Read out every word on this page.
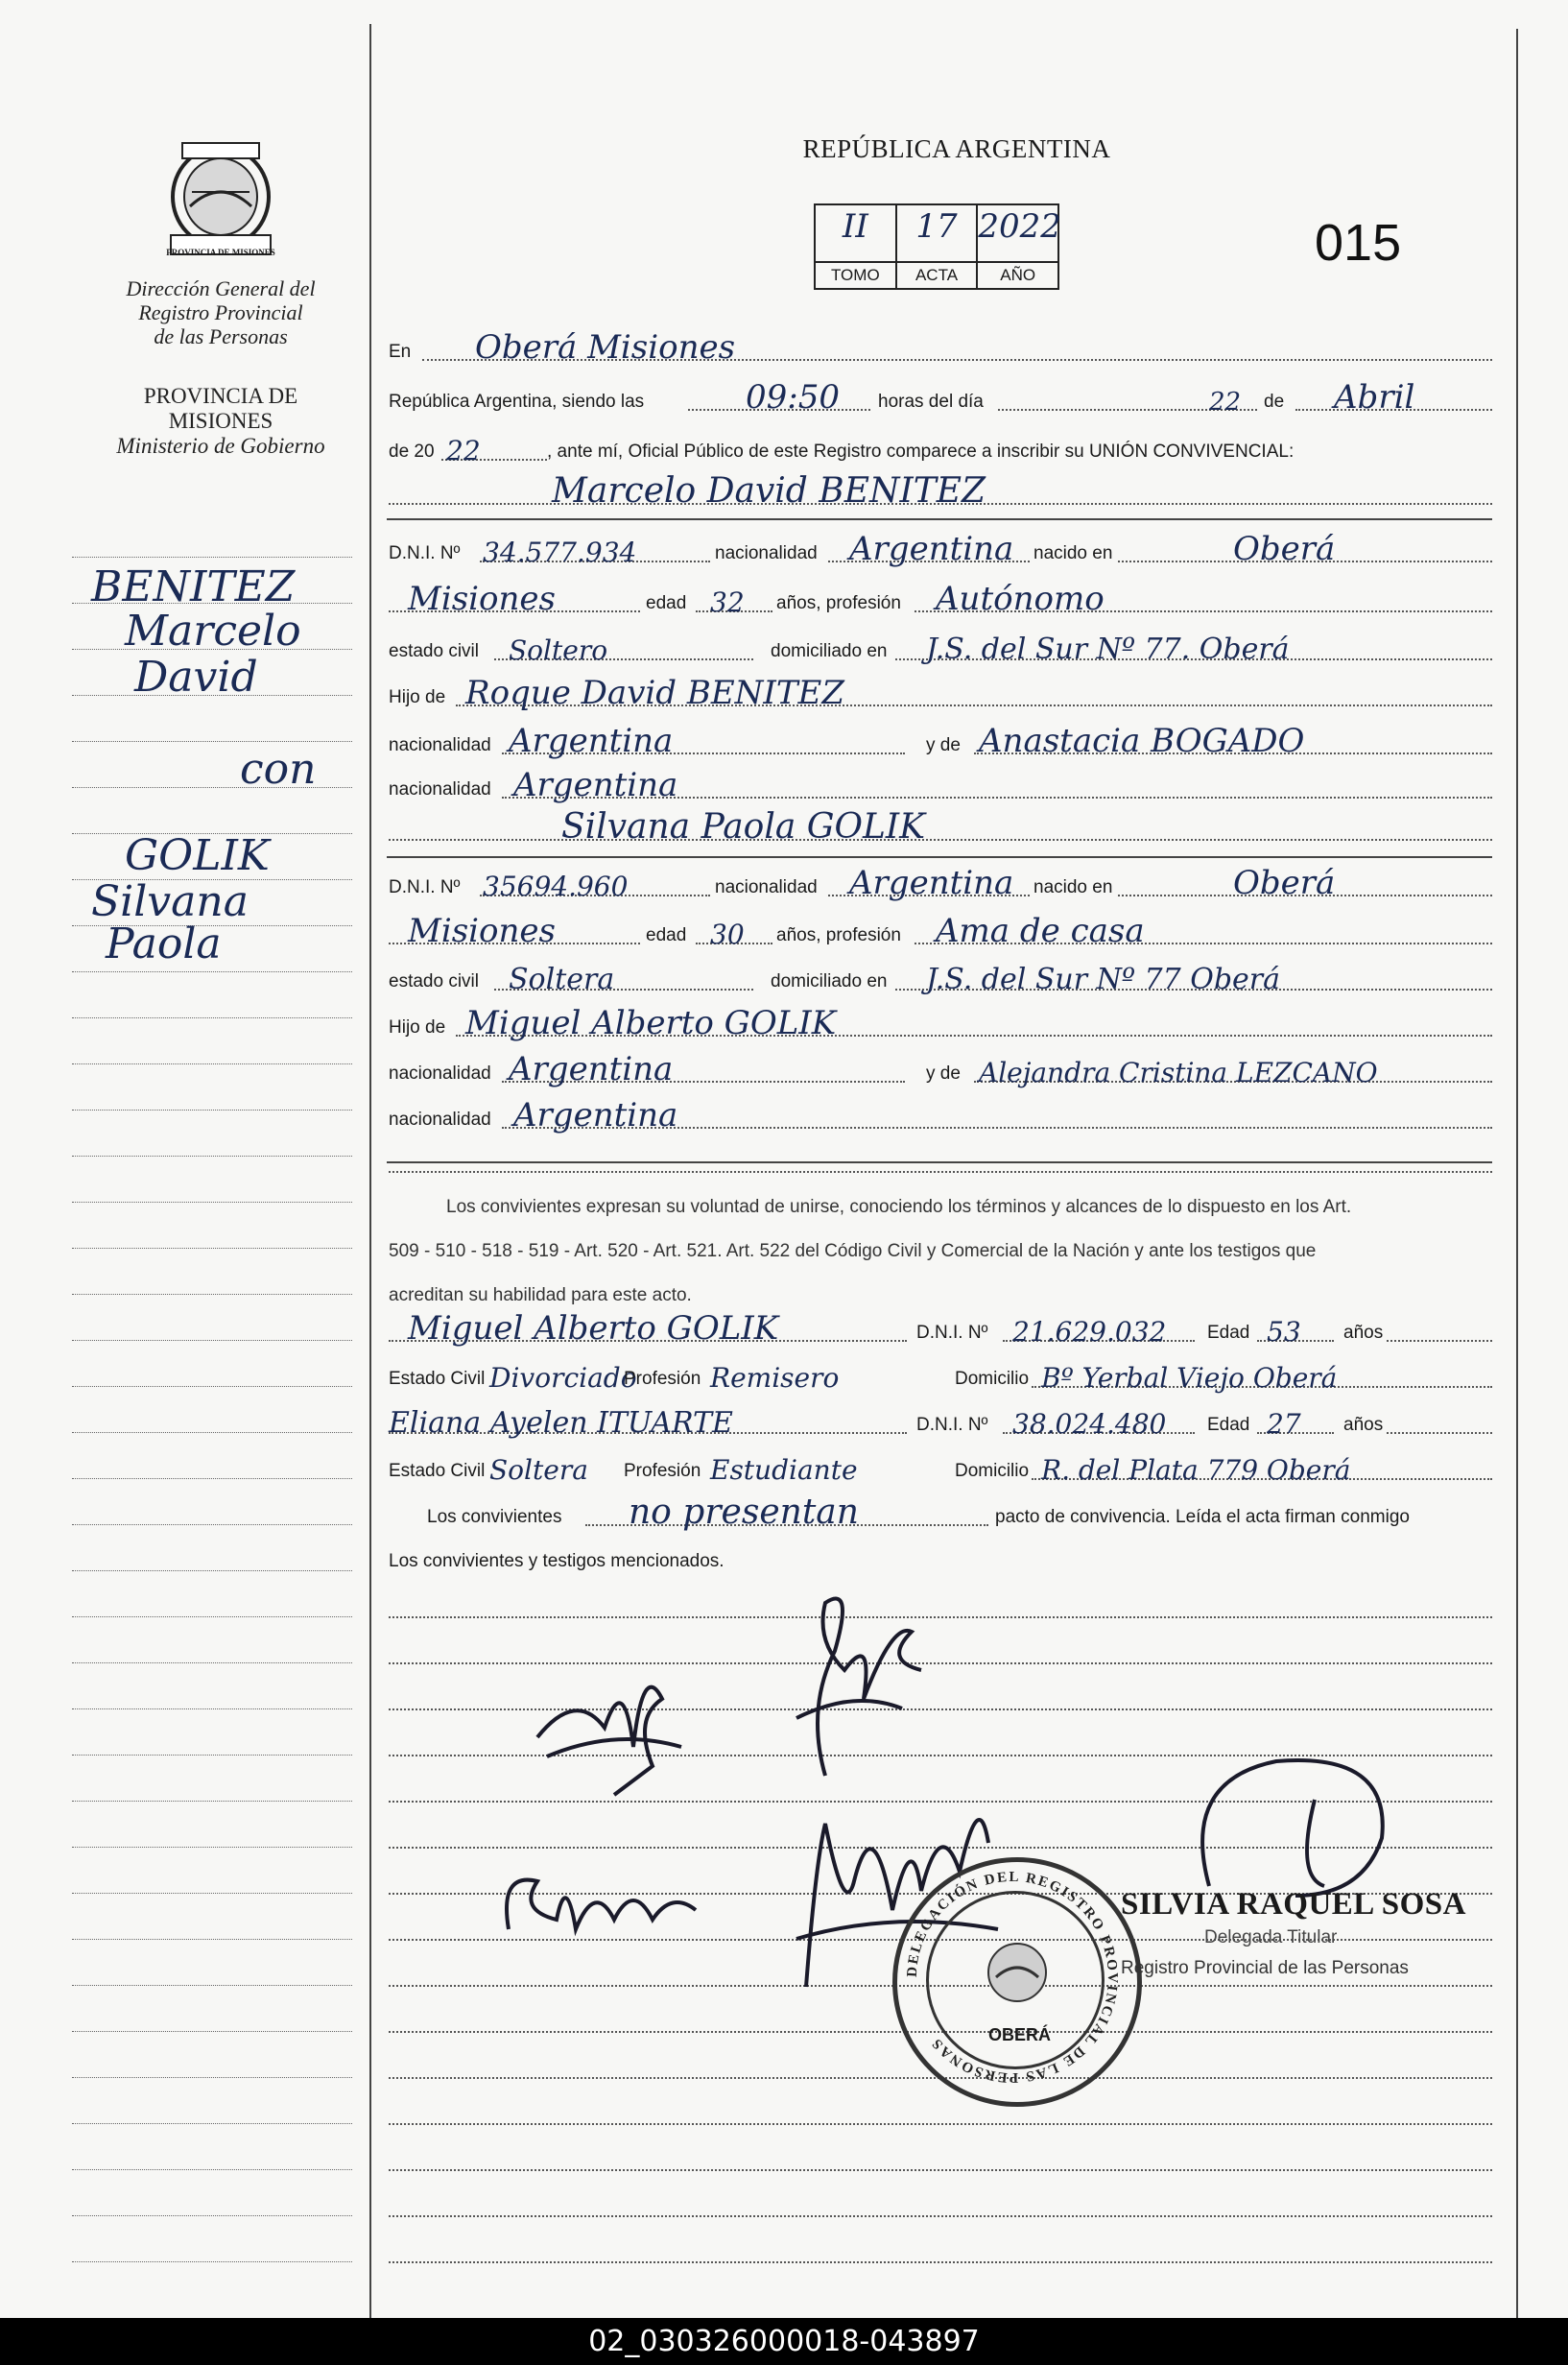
PROVINCIA DE MISIONES
Dirección General del
Registro Provincial
de las Personas
PROVINCIA DE
MISIONES
Ministerio de Gobierno
BENITEZ
Marcelo
David
con
GOLIK
Silvana
Paola
REPÚBLICA ARGENTINA
015
II
TOMO
17
ACTA
2022
AÑO
En Oberá Misiones
República Argentina, siendo las	09:50 horas del día	22 de Abril
de 20 22	, ante mí, Oficial Público de este Registro comparece a inscribir su UNIÓN CONVIVENCIAL:
Marcelo David BENITEZ
D.N.I. Nº 34.577.934	nacionalidad Argentina nacido en	Oberá
Misiones	edad 32 años, profesión Autónomo
estado civil Soltero	domiciliado en J.S. del Sur Nº 77. Oberá
Hijo de Roque David BENITEZ
nacionalidad Argentina	y de Anastacia BOGADO
nacionalidad Argentina
Silvana Paola GOLIK
D.N.I. Nº 35694.960	nacionalidad Argentina nacido en	Oberá
Misiones	edad 30 años, profesión Ama de casa
estado civil Soltera	domiciliado en J.S. del Sur Nº 77 Oberá
Hijo de Miguel Alberto GOLIK
nacionalidad Argentina	y de Alejandra Cristina LEZCANO
nacionalidad Argentina
Los convivientes expresan su voluntad de unirse, conociendo los términos y alcances de lo dispuesto en los Art.
509 - 510 - 518 - 519 - Art. 520 - Art. 521. Art. 522 del Código Civil y Comercial de la Nación y ante los testigos que
acreditan su habilidad para este acto.
Miguel Alberto GOLIK	D.N.I. Nº 21.629.032 Edad 53 años
Estado Civil Divorciado
Profesión Remisero	Domicilio Bº Yerbal Viejo Oberá
Eliana Ayelen ITUARTE	D.N.I. Nº 38.024.480 Edad 27 años
Estado Civil Soltera Profesión Estudiante	Domicilio R. del Plata 779 Oberá
Los convivientes no presentan	pacto de convivencia. Leída el acta firman conmigo
Los convivientes y testigos mencionados.
OBERÁ
DELEGACIÓN DEL REGISTRO PROVINCIAL DE LAS PERSONAS
SILVIA RAQUEL SOSA
Delegada Titular
Registro Provincial de las Personas
02_030326000018-043897
